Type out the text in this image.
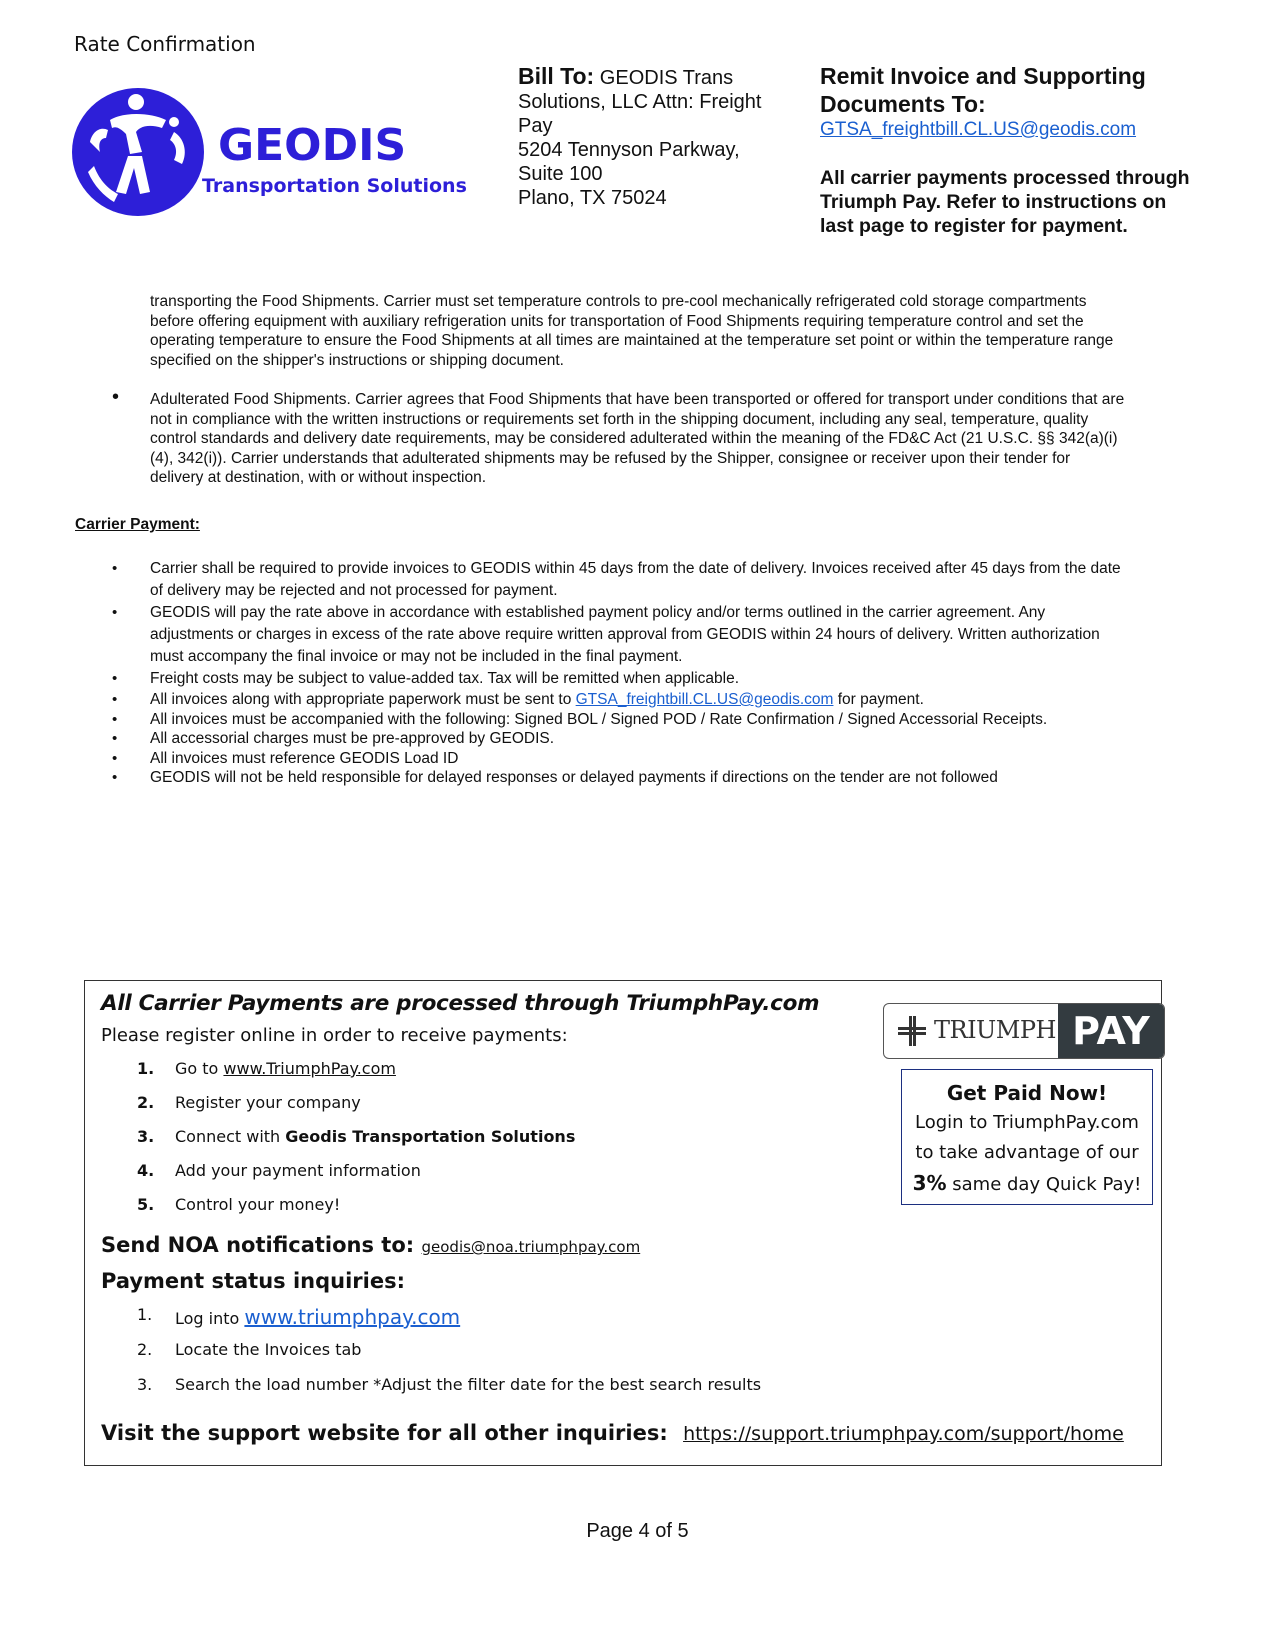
Rate Confirmation
GEODIS
Transportation Solutions
Bill To: GEODIS Trans
Solutions, LLC Attn: Freight
Pay
5204 Tennyson Parkway,
Suite 100
Plano, TX 75024
Remit Invoice and Supporting
Documents To:
GTSA_freightbill.CL.US@geodis.com
All carrier payments processed through
Triumph Pay. Refer to instructions on
last page to register for payment.
transporting the Food Shipments. Carrier must set temperature controls to pre-cool mechanically refrigerated cold storage compartments
before offering equipment with auxiliary refrigeration units for transportation of Food Shipments requiring temperature control and set the
operating temperature to ensure the Food Shipments at all times are maintained at the temperature set point or within the temperature range
specified on the shipper's instructions or shipping document.
• Adulterated Food Shipments. Carrier agrees that Food Shipments that have been transported or offered for transport under conditions that are
not in compliance with the written instructions or requirements set forth in the shipping document, including any seal, temperature, quality
control standards and delivery date requirements, may be considered adulterated within the meaning of the FD&C Act (21 U.S.C. §§ 342(a)(i)
(4), 342(i)). Carrier understands that adulterated shipments may be refused by the Shipper, consignee or receiver upon their tender for
delivery at destination, with or without inspection.
Carrier Payment:
• Carrier shall be required to provide invoices to GEODIS within 45 days from the date of delivery. Invoices received after 45 days from the date
of delivery may be rejected and not processed for payment.
• GEODIS will pay the rate above in accordance with established payment policy and/or terms outlined in the carrier agreement. Any
adjustments or charges in excess of the rate above require written approval from GEODIS within 24 hours of delivery. Written authorization
must accompany the final invoice or may not be included in the final payment.
• Freight costs may be subject to value-added tax. Tax will be remitted when applicable.
• All invoices along with appropriate paperwork must be sent to GTSA_freightbill.CL.US@geodis.com for payment.
• All invoices must be accompanied with the following: Signed BOL / Signed POD / Rate Confirmation / Signed Accessorial Receipts.
• All accessorial charges must be pre-approved by GEODIS.
• All invoices must reference GEODIS Load ID
• GEODIS will not be held responsible for delayed responses or delayed payments if directions on the tender are not followed
All Carrier Payments are processed through TriumphPay.com
Please register online in order to receive payments:
1. Go to www.TriumphPay.com
2. Register your company
3. Connect with Geodis Transportation Solutions
4. Add your payment information
5. Control your money!
Send NOA notifications to: geodis@noa.triumphpay.com
Payment status inquiries:
1. Log into www.triumphpay.com
2. Locate the Invoices tab
3. Search the load number *Adjust the filter date for the best search results
Visit the support website for all other inquiries: https://support.triumphpay.com/support/home
TRIUMPH PAY
Get Paid Now!
Login to TriumphPay.com
to take advantage of our
3% same day Quick Pay!
Page 4 of 5
